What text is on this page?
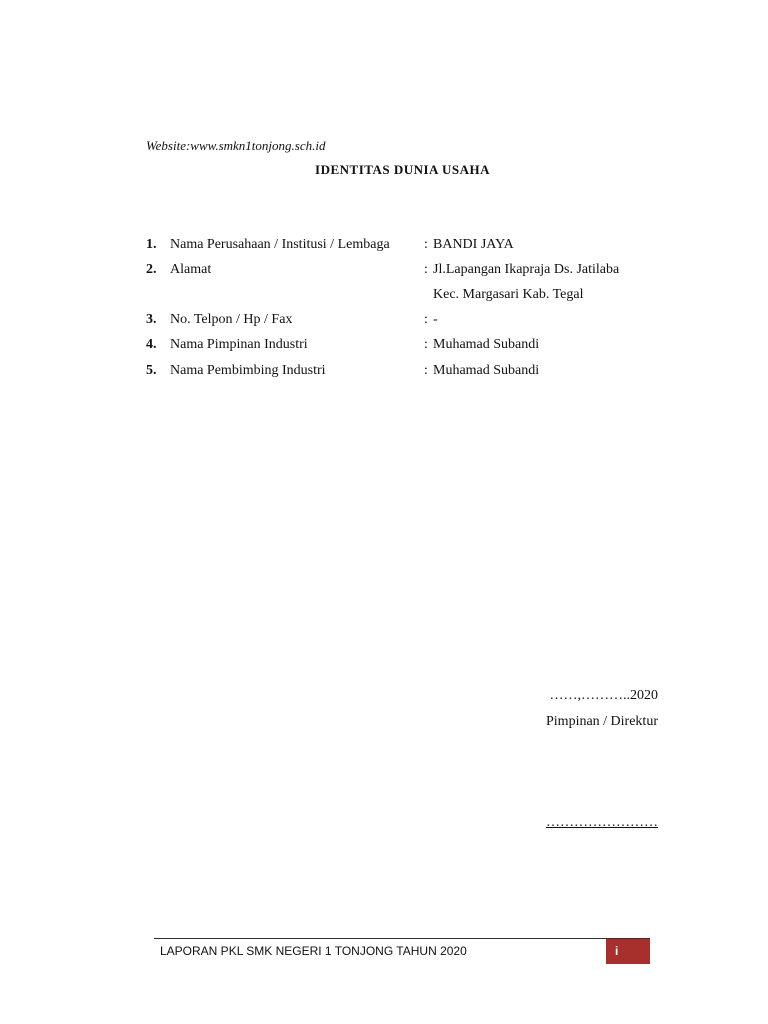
Website:www.smkn1tonjong.sch.id
IDENTITAS DUNIA USAHA
1. Nama Perusahaan / Institusi / Lembaga : BANDI JAYA
2. Alamat	: Jl.Lapangan Ikapraja Ds. Jatilaba
Kec. Margasari Kab. Tegal
3. No. Telpon / Hp / Fax	: -
4. Nama Pimpinan Industri	: Muhamad Subandi
5. Nama Pembimbing Industri	: Muhamad Subandi
……,………..2020
Pimpinan / Direktur
……………………
LAPORAN PKL SMK NEGERI 1 TONJONG TAHUN 2020	i
